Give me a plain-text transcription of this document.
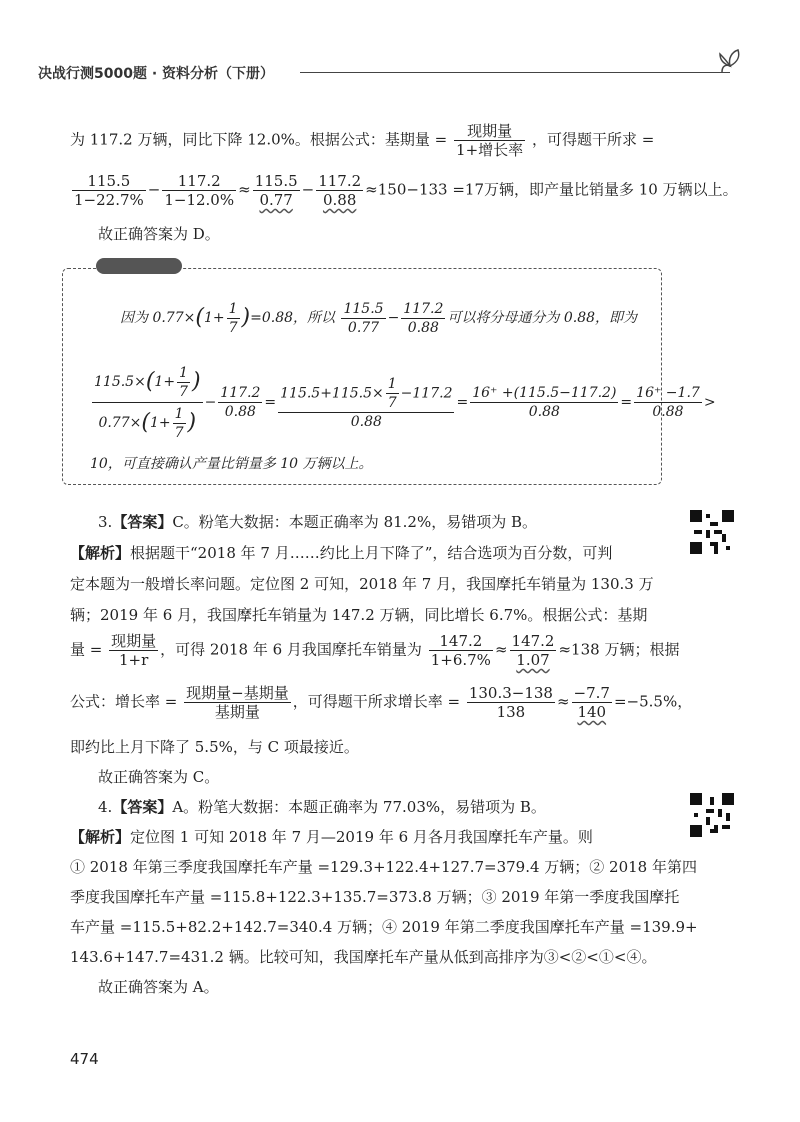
决战行测5000题 · 资料分析（下册）
为 117.2 万辆，同比下降 12.0%。根据公式：基期量 = $\frac{\text{现期量}}{\text{1+增长率}}$ ，可得题干所求 =
$\frac{115.5}{1-22.7\%} - \frac{117.2}{1-12.0\%} \approx \frac{115.5}{0.77} - \frac{117.2}{0.88} \approx 150-133 =17$万辆，即产量比销量多 10 万辆以上。
故正确答案为 D。
因为 $0.77\times(1+ \frac{1}{7} )=0.88$，所以 $\frac{115.5}{0.77} - \frac{117.2}{0.88}$ 可以将分母通分为 0.88，即为
$\frac{115.5\times(1+ \frac{1}{7} )}{0.77\times(1+ \frac{1}{7} )} - \frac{117.2}{0.88} = \frac{115.5+115.5\times \frac{1}{7} -117.2}{0.88} = \frac{16^+ +(115.5-117.2)}{0.88} = \frac{16^+ -1.7}{0.88}$ >
10，可直接确认产量比销量多 10 万辆以上。
3.【答案】C。粉笔大数据：本题正确率为 81.2%，易错项为 B。
【解析】根据题干“2018 年 7 月……约比上月下降了”，结合选项为百分数，可判
定本题为一般增长率问题。定位图 2 可知，2018 年 7 月，我国摩托车销量为 130.3 万
辆；2019 年 6 月，我国摩托车销量为 147.2 万辆，同比增长 6.7%。根据公式：基期
量 = $\frac{\text{现期量}}{1+r}$ ，可得 2018 年 6 月我国摩托车销量为 $\frac{147.2}{1+6.7\%} \approx \frac{147.2}{1.07} \approx 138$ 万辆；根据
公式：增长率 = $\frac{\text{现期量−基期量}}{\text{基期量}}$ ，可得题干所求增长率 = $\frac{130.3-138}{138} \approx \frac{-7.7}{140} =-5.5\%$，
即约比上月下降了 5.5%，与 C 项最接近。
故正确答案为 C。
4.【答案】A。粉笔大数据：本题正确率为 77.03%，易错项为 B。
【解析】定位图 1 可知 2018 年 7 月—2019 年 6 月各月我国摩托车产量。则
① 2018 年第三季度我国摩托车产量 =129.3+122.4+127.7=379.4 万辆；② 2018 年第四
季度我国摩托车产量 =115.8+122.3+135.7=373.8 万辆；③ 2019 年第一季度我国摩托
车产量 =115.5+82.2+142.7=340.4 万辆；④ 2019 年第二季度我国摩托车产量 =139.9+
143.6+147.7=431.2 辆。比较可知，我国摩托车产量从低到高排序为③<②<①<④。
故正确答案为 A。
474
